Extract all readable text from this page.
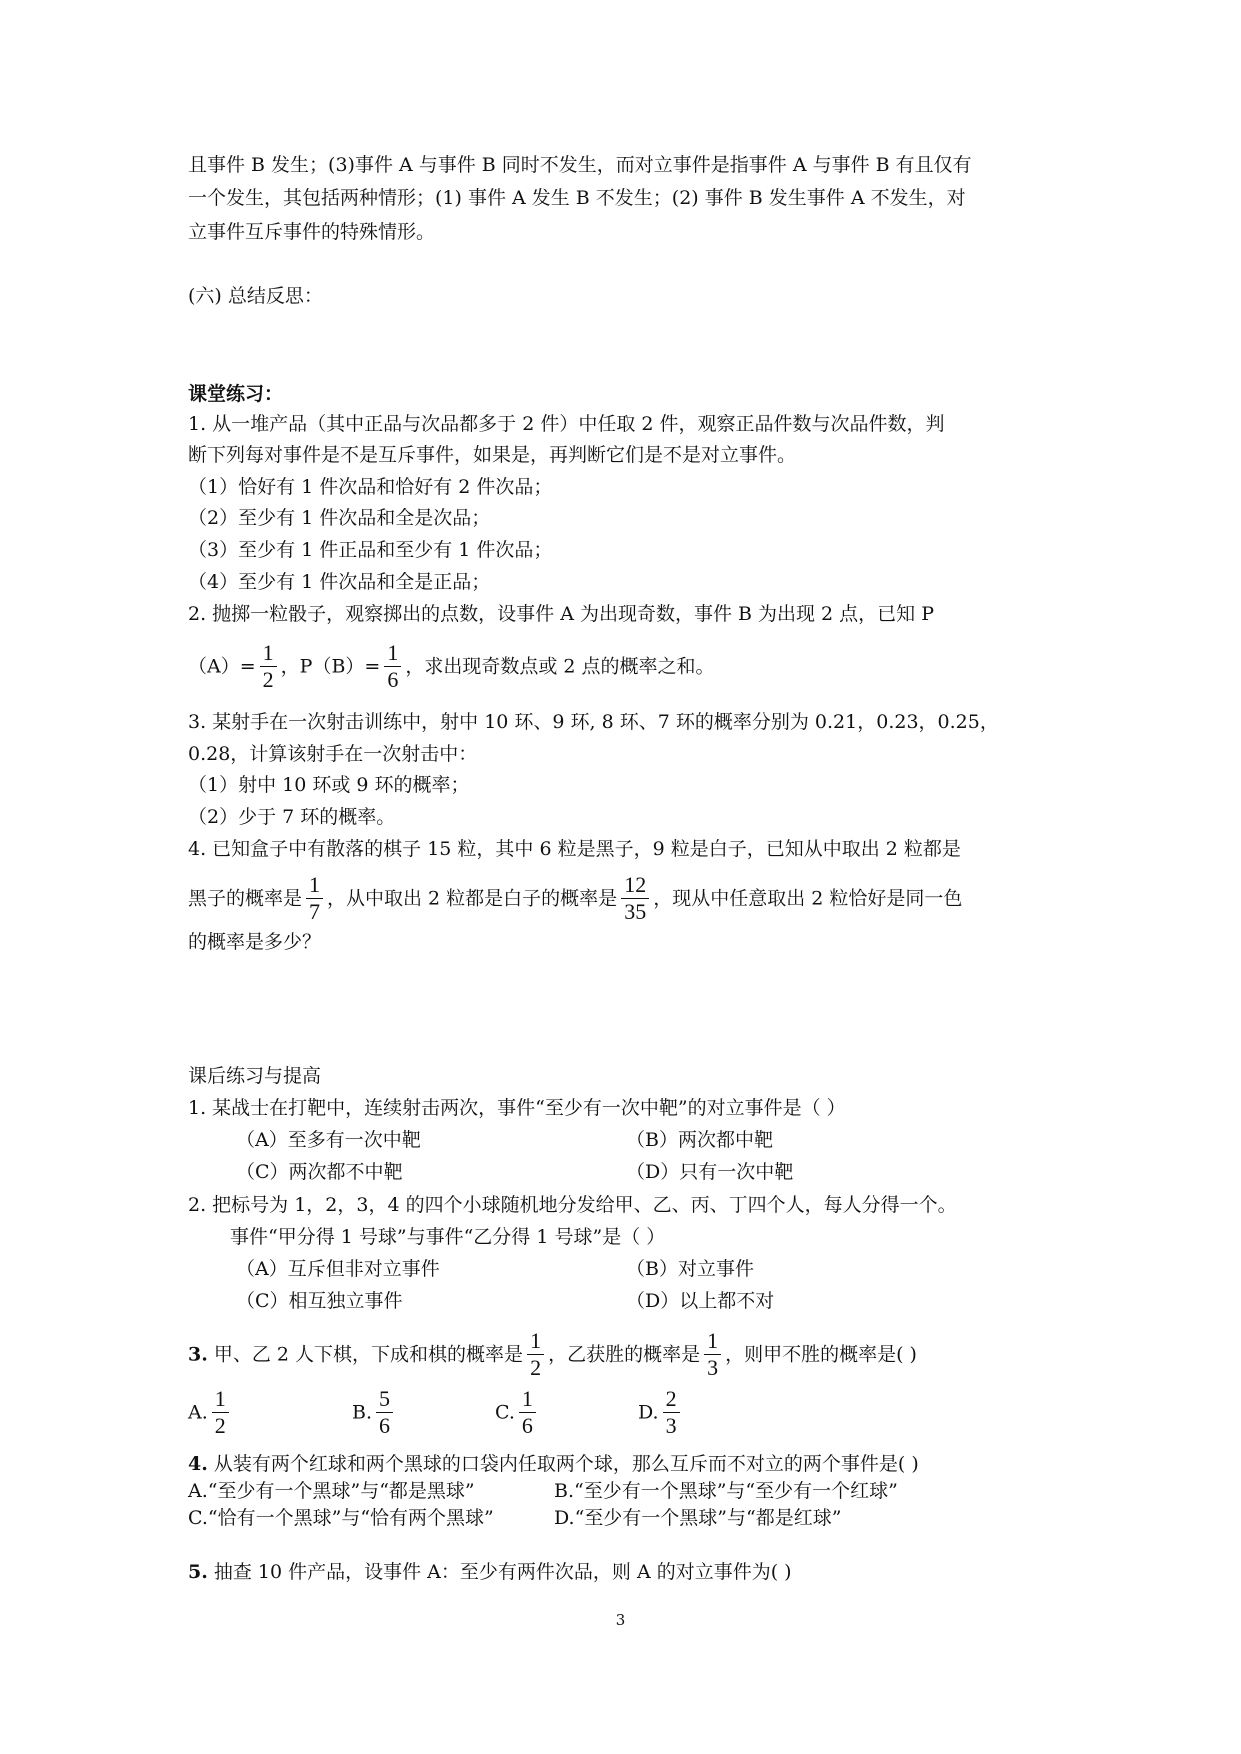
且事件 B 发生；(3)事件 A 与事件 B 同时不发生，而对立事件是指事件 A 与事件 B 有且仅有
一个发生，其包括两种情形；(1) 事件 A 发生 B 不发生；(2) 事件 B 发生事件 A 不发生，对
立事件互斥事件的特殊情形。
(六) 总结反思：
课堂练习：
1. 从一堆产品（其中正品与次品都多于 2 件）中任取 2 件，观察正品件数与次品件数，判
断下列每对事件是不是互斥事件，如果是，再判断它们是不是对立事件。
（1）恰好有 1 件次品和恰好有 2 件次品；
（2）至少有 1 件次品和全是次品；
（3）至少有 1 件正品和至少有 1 件次品；
（4）至少有 1 件次品和全是正品；
2. 抛掷一粒骰子，观察掷出的点数，设事件 A 为出现奇数，事件 B 为出现 2 点，已知 P
$(A)= \frac{1}{2}$ ，$P(B)= \frac{1}{6}$ ，求出现奇数点或 2 点的概率之和。
3. 某射手在一次射击训练中，射中 10 环、9 环, 8 环、7 环的概率分别为 0.21，0.23，0.25，
0.28，计算该射手在一次射击中：
（1）射中 10 环或 9 环的概率；
（2）少于 7 环的概率。
4. 已知盒子中有散落的棋子 15 粒，其中 6 粒是黑子，9 粒是白子，已知从中取出 2 粒都是
黑子的概率是 $\frac{1}{7}$ ，从中取出 2 粒都是白子的概率是 $\frac{12}{35}$ ，现从中任意取出 2 粒恰好是同一色
的概率是多少？
课后练习与提高
1. 某战士在打靶中，连续射击两次，事件“至少有一次中靶”的对立事件是（ ）
（A）至多有一次中靶	（B）两次都中靶
（C）两次都不中靶	（D）只有一次中靶
2. 把标号为 1，2，3，4 的四个小球随机地分发给甲、乙、丙、丁四个人，每人分得一个。
事件“甲分得 1 号球”与事件“乙分得 1 号球”是（ ）
（A）互斥但非对立事件	（B）对立事件
（C）相互独立事件	（D）以上都不对
3. 甲、乙 2 人下棋，下成和棋的概率是 $\frac{1}{2}$ ，乙获胜的概率是 $\frac{1}{3}$ ，则甲不胜的概率是( )
A. $\frac{1}{2}$	B. $\frac{5}{6}$	C. $\frac{1}{6}$	D. $\frac{2}{3}$
4. 从装有两个红球和两个黑球的口袋内任取两个球，那么互斥而不对立的两个事件是( )
A.“至少有一个黑球”与“都是黑球”	B.“至少有一个黑球”与“至少有一个红球”
C.“恰有一个黑球”与“恰有两个黑球”	D.“至少有一个黑球”与“都是红球”
5. 抽查 10 件产品，设事件 A：至少有两件次品，则 A 的对立事件为( )
3
